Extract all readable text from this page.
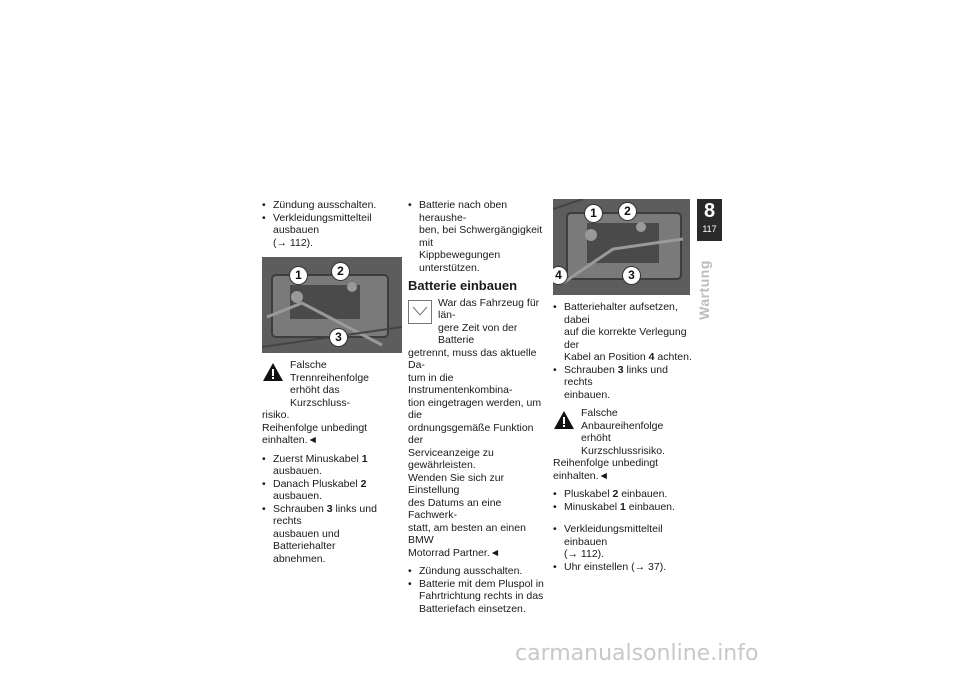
• Zündung ausschalten.
• Verkleidungsmittelteil ausbauen
(→ 112).
1	2
3
Falsche Trennreihenfolge
erhöht das Kurzschluss-
risiko.
Reihenfolge unbedingt
einhalten.◄
• Zuerst Minuskabel 1 ausbauen.
• Danach Pluskabel 2 ausbauen.
• Schrauben 3 links und rechts
ausbauen und Batteriehalter
abnehmen.
• Batterie nach oben heraushe-
ben, bei Schwergängigkeit mit
Kippbewegungen unterstützen.
Batterie einbauen
War das Fahrzeug für län-
gere Zeit von der Batterie
getrennt, muss das aktuelle Da-
tum in die Instrumentenkombina-
tion eingetragen werden, um die
ordnungsgemäße Funktion der
Serviceanzeige zu gewährleisten.
Wenden Sie sich zur Einstellung
des Datums an eine Fachwerk-
statt, am besten an einen BMW
Motorrad Partner.◄
• Zündung ausschalten.
• Batterie mit dem Pluspol in
Fahrtrichtung rechts in das
Batteriefach einsetzen.
1	2
4	3
• Batteriehalter aufsetzen, dabei
auf die korrekte Verlegung der
Kabel an Position 4 achten.
• Schrauben 3 links und rechts
einbauen.
Falsche Anbaureihenfolge
erhöht Kurzschlussrisiko.
Reihenfolge unbedingt
einhalten.◄
• Pluskabel 2 einbauen.
• Minuskabel 1 einbauen.
• Verkleidungsmittelteil einbauen
(→ 112).
• Uhr einstellen (→ 37).
8
117
Wartung
carmanualsonline.info
